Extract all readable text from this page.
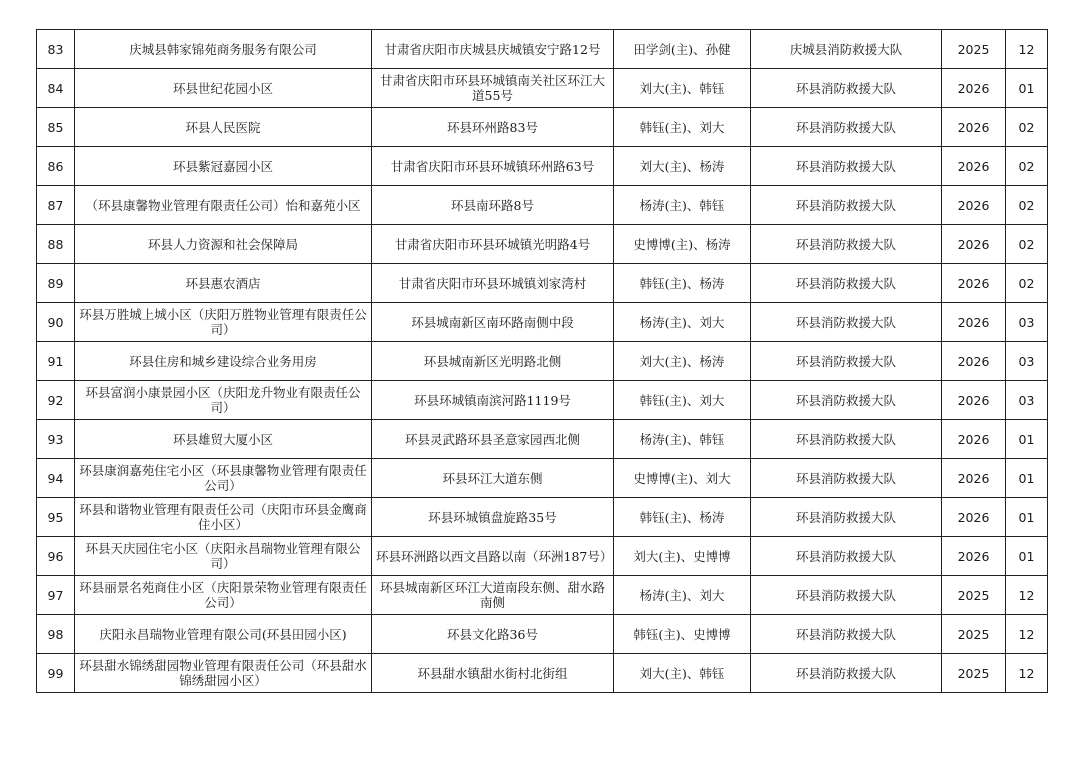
83	庆城县韩家锦苑商务服务有限公司	甘肃省庆阳市庆城县庆城镇安宁路12号	田学剑(主)、孙健	庆城县消防救援大队	2025	12
84	环县世纪花园小区	甘肃省庆阳市环县环城镇南关社区环江大道55号	刘大(主)、韩钰	环县消防救援大队	2026	01
85	环县人民医院	环县环州路83号	韩钰(主)、刘大	环县消防救援大队	2026	02
86	环县紫冠嘉园小区	甘肃省庆阳市环县环城镇环州路63号	刘大(主)、杨涛	环县消防救援大队	2026	02
87	（环县康馨物业管理有限责任公司）怡和嘉苑小区	环县南环路8号	杨涛(主)、韩钰	环县消防救援大队	2026	02
88	环县人力资源和社会保障局	甘肃省庆阳市环县环城镇光明路4号	史博博(主)、杨涛	环县消防救援大队	2026	02
89	环县惠农酒店	甘肃省庆阳市环县环城镇刘家湾村	韩钰(主)、杨涛	环县消防救援大队	2026	02
90	环县万胜城上城小区（庆阳万胜物业管理有限责任公司）	环县城南新区南环路南侧中段	杨涛(主)、刘大	环县消防救援大队	2026	03
91	环县住房和城乡建设综合业务用房	环县城南新区光明路北侧	刘大(主)、杨涛	环县消防救援大队	2026	03
92	环县富润小康景园小区（庆阳龙升物业有限责任公司）	环县环城镇南滨河路1119号	韩钰(主)、刘大	环县消防救援大队	2026	03
93	环县雄贸大厦小区	环县灵武路环县圣意家园西北侧	杨涛(主)、韩钰	环县消防救援大队	2026	01
94	环县康润嘉苑住宅小区（环县康馨物业管理有限责任公司）	环县环江大道东侧	史博博(主)、刘大	环县消防救援大队	2026	01
95	环县和谐物业管理有限责任公司（庆阳市环县金鹰商住小区）	环县环城镇盘旋路35号	韩钰(主)、杨涛	环县消防救援大队	2026	01
96	环县天庆园住宅小区（庆阳永昌瑞物业管理有限公司）	环县环洲路以西文昌路以南（环洲187号）	刘大(主)、史博博	环县消防救援大队	2026	01
97	环县丽景名苑商住小区（庆阳景荣物业管理有限责任公司）	环县城南新区环江大道南段东侧、甜水路南侧	杨涛(主)、刘大	环县消防救援大队	2025	12
98	庆阳永昌瑞物业管理有限公司(环县田园小区)	环县文化路36号	韩钰(主)、史博博	环县消防救援大队	2025	12
99	环县甜水锦绣甜园物业管理有限责任公司（环县甜水锦绣甜园小区）	环县甜水镇甜水街村北街组	刘大(主)、韩钰	环县消防救援大队	2025	12
